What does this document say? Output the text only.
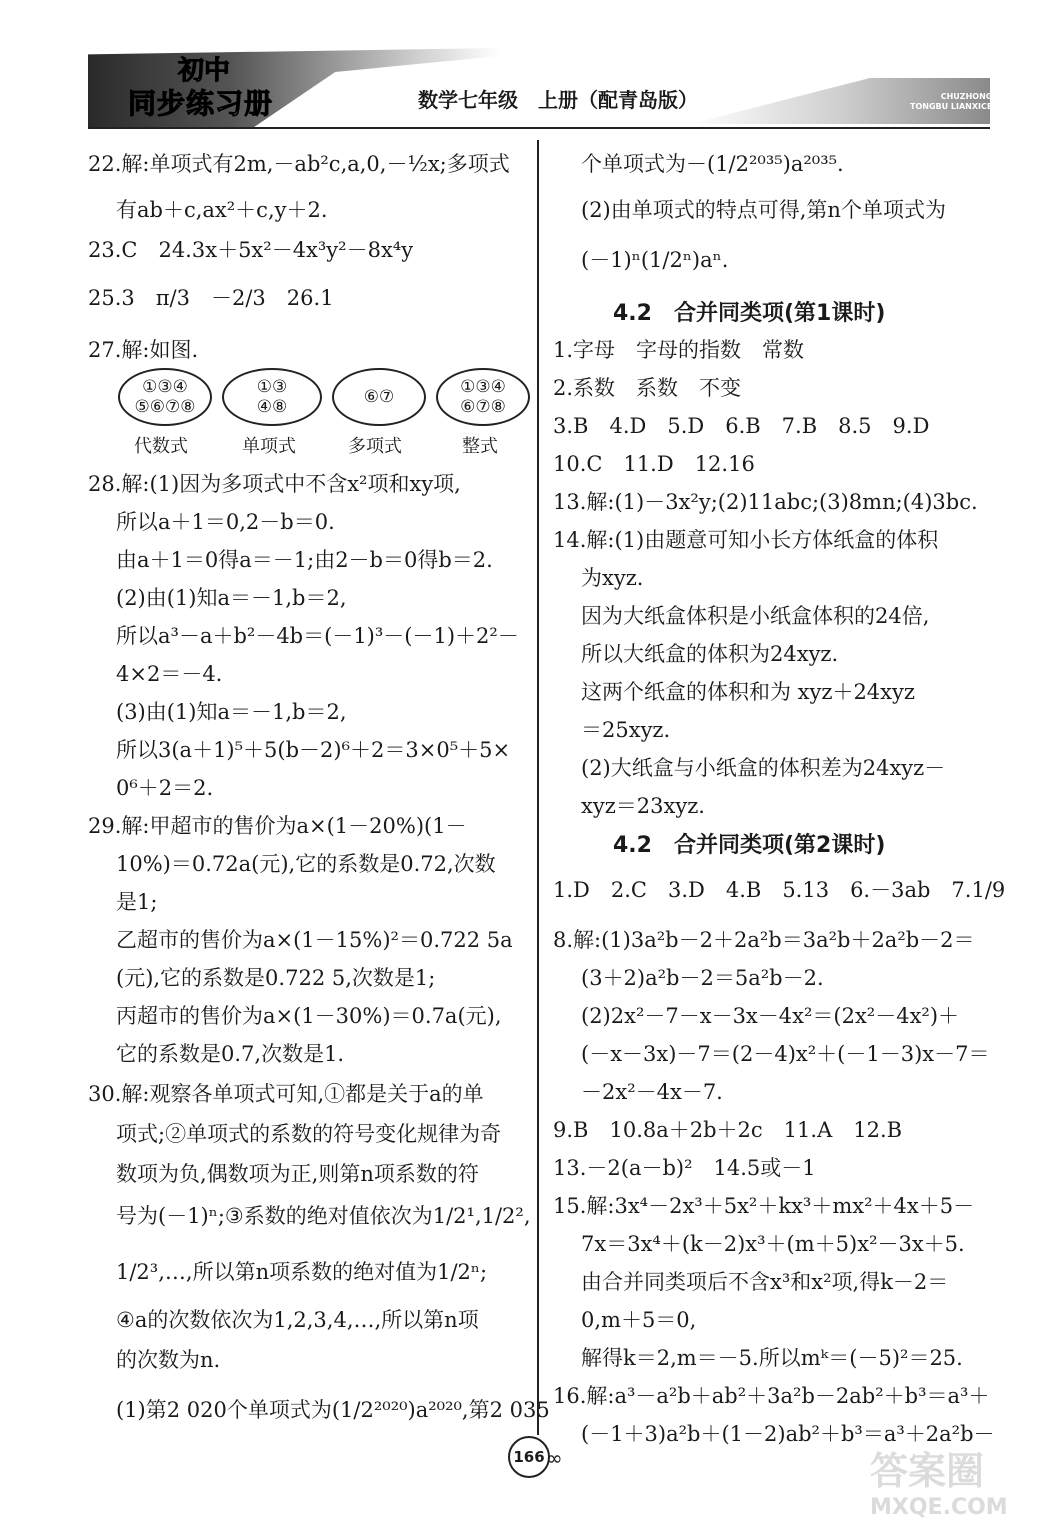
初中
同步练习册	数学七年级　上册（配青岛版）	CHUZHONG
TONGBU LIANXICE
22.解:单项式有2m,－ab²c,a,0,－½x;多项式
有ab＋c,ax²＋c,y＋2.
23.C　24.3x＋5x²－4x³y²－8x⁴y
25.3　π/3　－2/3　26.1
27.解:如图.
①③④
⑤⑥⑦⑧
代数式
①③
④⑧
单项式
⑥⑦
多项式
①③④
⑥⑦⑧
整式
28.解:(1)因为多项式中不含x²项和xy项,
所以a＋1＝0,2－b＝0.
由a＋1＝0得a＝－1;由2－b＝0得b＝2.
(2)由(1)知a＝－1,b＝2,
所以a³－a＋b²－4b＝(－1)³－(－1)＋2²－
4×2＝－4.
(3)由(1)知a＝－1,b＝2,
所以3(a＋1)⁵＋5(b－2)⁶＋2＝3×0⁵＋5×
0⁶＋2＝2.
29.解:甲超市的售价为a×(1－20%)(1－
10%)＝0.72a(元),它的系数是0.72,次数
是1;
乙超市的售价为a×(1－15%)²＝0.722 5a
(元),它的系数是0.722 5,次数是1;
丙超市的售价为a×(1－30%)＝0.7a(元),
它的系数是0.7,次数是1.
30.解:观察各单项式可知,①都是关于a的单
项式;②单项式的系数的符号变化规律为奇
数项为负,偶数项为正,则第n项系数的符
号为(－1)ⁿ;③系数的绝对值依次为1/2¹,1/2²,
1/2³,…,所以第n项系数的绝对值为1/2ⁿ;
④a的次数依次为1,2,3,4,…,所以第n项
的次数为n.
(1)第2 020个单项式为(1/2²⁰²⁰)a²⁰²⁰,第2 035
个单项式为－(1/2²⁰³⁵)a²⁰³⁵.
(2)由单项式的特点可得,第n个单项式为
(－1)ⁿ(1/2ⁿ)aⁿ.
4.2　合并同类项(第1课时)
1.字母　字母的指数　常数
2.系数　系数　不变
3.B　4.D　5.D　6.B　7.B　8.5　9.D
10.C　11.D　12.16
13.解:(1)－3x²y;(2)11abc;(3)8mn;(4)3bc.
14.解:(1)由题意可知小长方体纸盒的体积
为xyz.
因为大纸盒体积是小纸盒体积的24倍,
所以大纸盒的体积为24xyz.
这两个纸盒的体积和为 xyz＋24xyz
＝25xyz.
(2)大纸盒与小纸盒的体积差为24xyz－
xyz＝23xyz.
4.2　合并同类项(第2课时)
1.D　2.C　3.D　4.B　5.13　6.－3ab　7.1/9
8.解:(1)3a²b－2＋2a²b＝3a²b＋2a²b－2＝
(3＋2)a²b－2＝5a²b－2.
(2)2x²－7－x－3x－4x²＝(2x²－4x²)＋
(－x－3x)－7＝(2－4)x²＋(－1－3)x－7＝
－2x²－4x－7.
9.B　10.8a＋2b＋2c　11.A　12.B
13.－2(a－b)²　14.5或－1
15.解:3x⁴－2x³＋5x²＋kx³＋mx²＋4x＋5－
7x＝3x⁴＋(k－2)x³＋(m＋5)x²－3x＋5.
由合并同类项后不含x³和x²项,得k－2＝
0,m＋5＝0,
解得k＝2,m＝－5.所以mᵏ＝(－5)²＝25.
16.解:a³－a²b＋ab²＋3a²b－2ab²＋b³＝a³＋
(－1＋3)a²b＋(1－2)ab²＋b³＝a³＋2a²b－
166 ∞	答案圈
MXQE.COM
